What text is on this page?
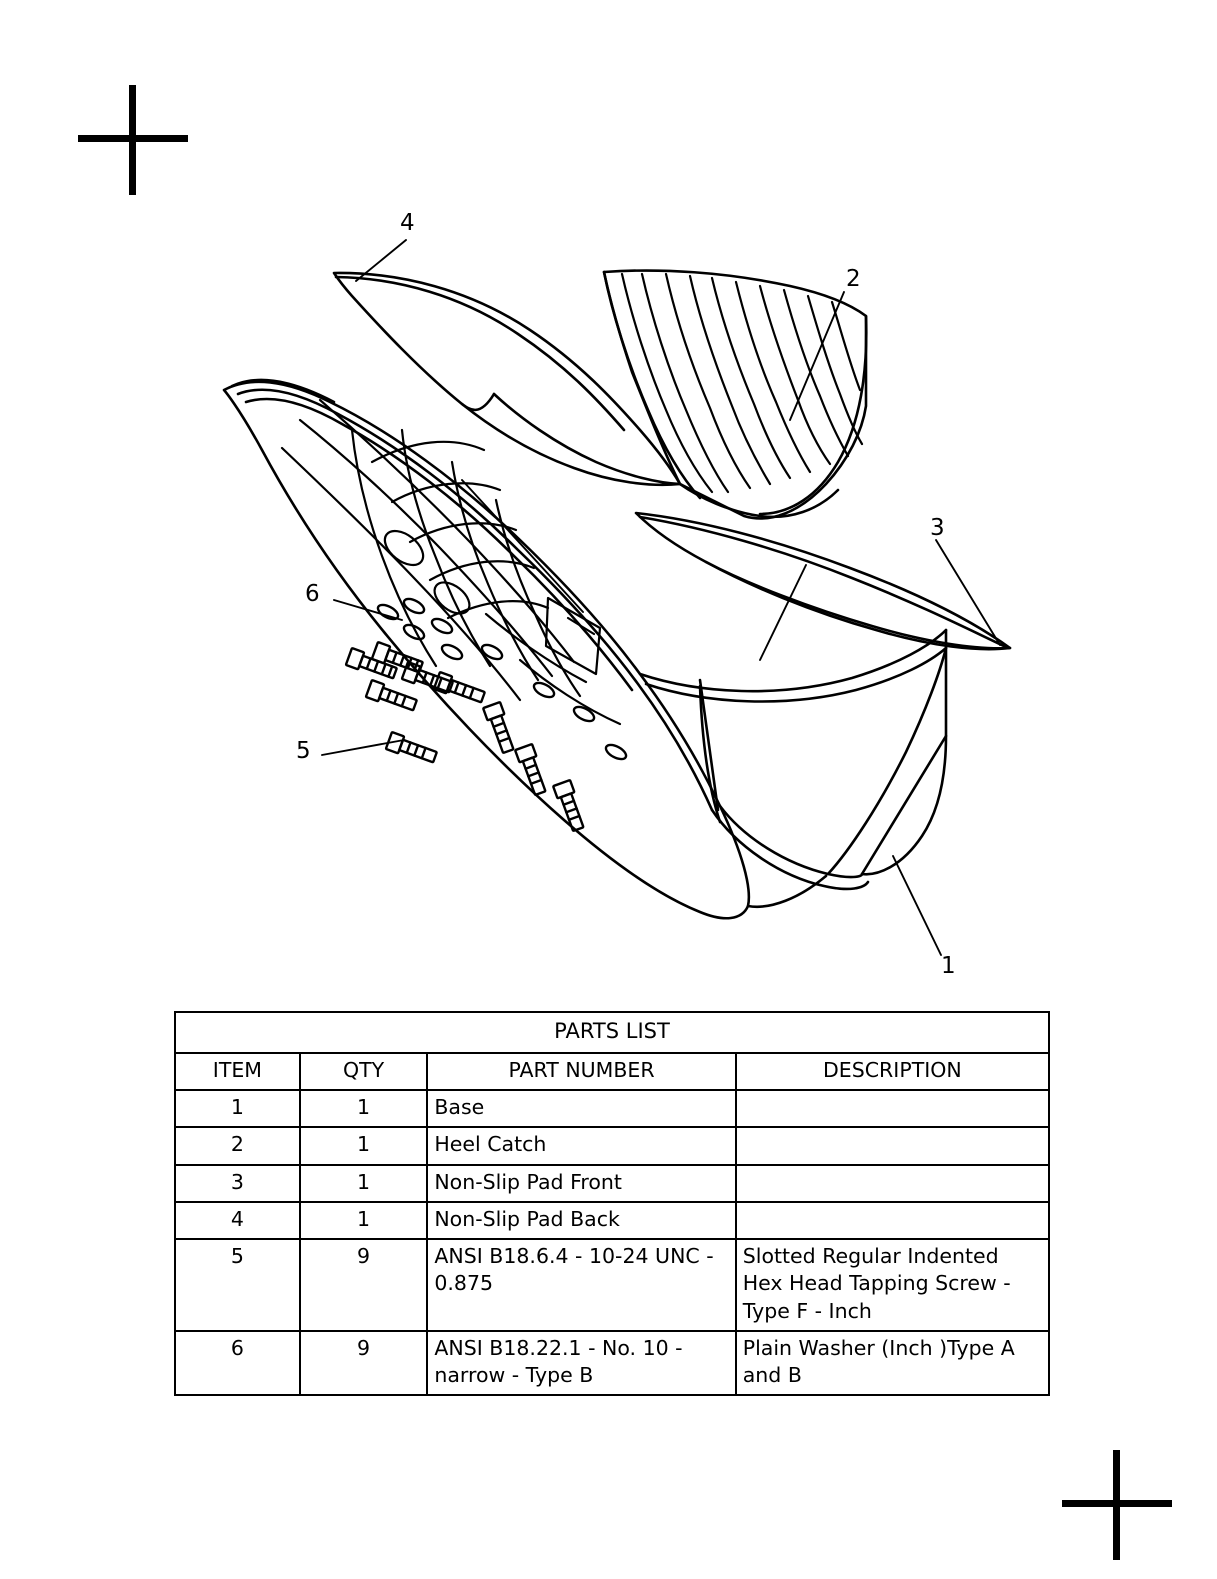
4
2
3
6
5
1
PARTS LIST			
ITEM	QTY	PART NUMBER	DESCRIPTION
1	1	Base	
2	1	Heel Catch	
3	1	Non-Slip Pad Front	
4	1	Non-Slip Pad Back	
5	9	ANSI B18.6.4 - 10-24 UNC - 0.875	Slotted Regular Indented Hex Head Tapping Screw - Type F - Inch
6	9	ANSI B18.22.1 - No. 10 - narrow - Type B	Plain Washer (Inch )Type A and B
